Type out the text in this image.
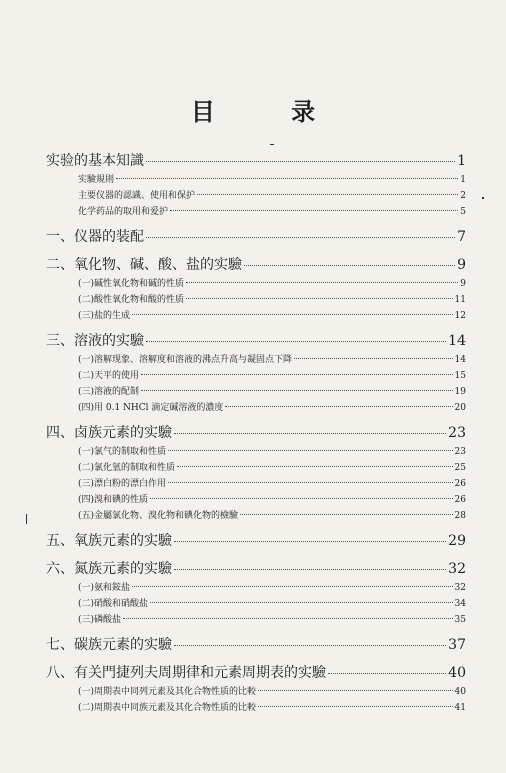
目 录
实验的基本知識	1
实驗規則	1
主要仪器的認識、使用和保护	2
化学药品的取用和爱护	5
一、仪器的装配	7
二、氧化物、碱、酸、盐的实驗	9
(一)碱性氧化物和碱的性质	9
(二)酸性氧化物和酸的性质	11
(三)盐的生成	12
三、溶液的实驗	14
(一)溶解现象、溶解度和溶液的沸点升高与凝固点下降	14
(二)天平的使用	15
(三)溶液的配制	19
(四)用 0.1 NHCl 滴定碱溶液的濃度	20
四、卤族元素的实驗	23
(一)氯气的制取和性质	23
(二)氯化氫的制取和性质	25
(三)漂白粉的漂白作用	26
(四)溴和碘的性质	26
(五)金屬氯化物、溴化物和碘化物的檢驗	28
五、氧族元素的实驗	29
六、氮族元素的实驗	32
(一)氨和銨盐	32
(二)硝酸和硝酸盐	34
(三)磷酸盐	35
七、碳族元素的实驗	37
八、有关門捷列夫周期律和元素周期表的实驗	40
(一)周期表中同列元素及其化合物性质的比較	40
(二)周期表中同族元素及其化合物性质的比較	41
